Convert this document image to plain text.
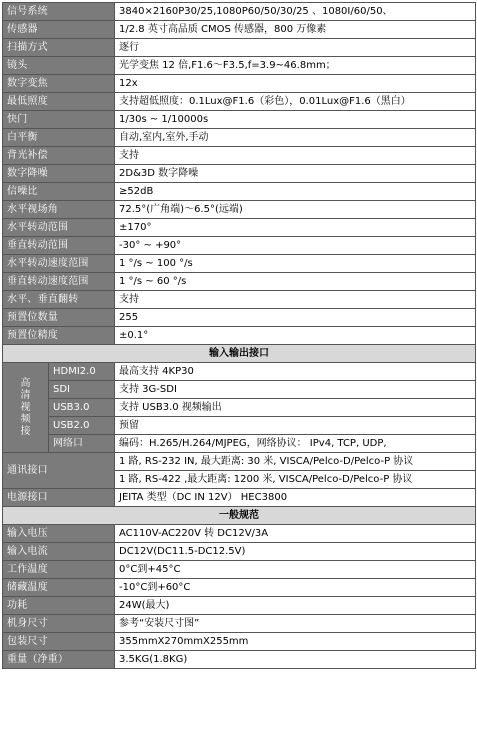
信号系统		3840×2160P30/25,1080P60/50/30/25 、1080I/60/50、
传感器		1/2.8 英寸高品质 CMOS 传感器，800 万像素
扫描方式		逐行
镜头		光学变焦 12 倍,F1.6～F3.5,f=3.9~46.8mm；
数字变焦		12x
最低照度		支持超低照度：0.1Lux@F1.6（彩色），0.01Lux@F1.6（黑白）
快门		1/30s ~ 1/10000s
白平衡		自动,室内,室外,手动
背光补偿		支持
数字降噪		2D&3D 数字降噪
信噪比		≥52dB
水平视场角		72.5°(广角端)～6.5°(远端)
水平转动范围		±170°
垂直转动范围		-30° ~ +90°
水平转动速度范围		1 °/s ~ 100 °/s
垂直转动速度范围		1 °/s ~ 60 °/s
水平、垂直翻转		支持
预置位数量		255
预置位精度		±0.1°
输入输出接口		
高
清
视
频
接	HDMI2.0	最高支持 4KP30
	SDI	支持 3G-SDI
	USB3.0	支持 USB3.0 视频输出
	USB2.0	预留
	网络口	编码：H.265/H.264/MJPEG，网络协议： IPv4, TCP, UDP,
通讯接口		1 路, RS-232 IN, 最大距离: 30 米, VISCA/Pelco-D/Pelco-P 协议
		1 路, RS-422 ,最大距离: 1200 米, VISCA/Pelco-D/Pelco-P 协议
电源接口		JEITA 类型（DC IN 12V） HEC3800
一般规范		
输入电压		AC110V-AC220V 转 DC12V/3A
输入电流		DC12V(DC11.5-DC12.5V)
工作温度		0°C到+45°C
储藏温度		-10°C到+60°C
功耗		24W(最大)
机身尺寸		参考“安装尺寸图”
包装尺寸		355mmX270mmX255mm
重量（净重）		3.5KG(1.8KG)
